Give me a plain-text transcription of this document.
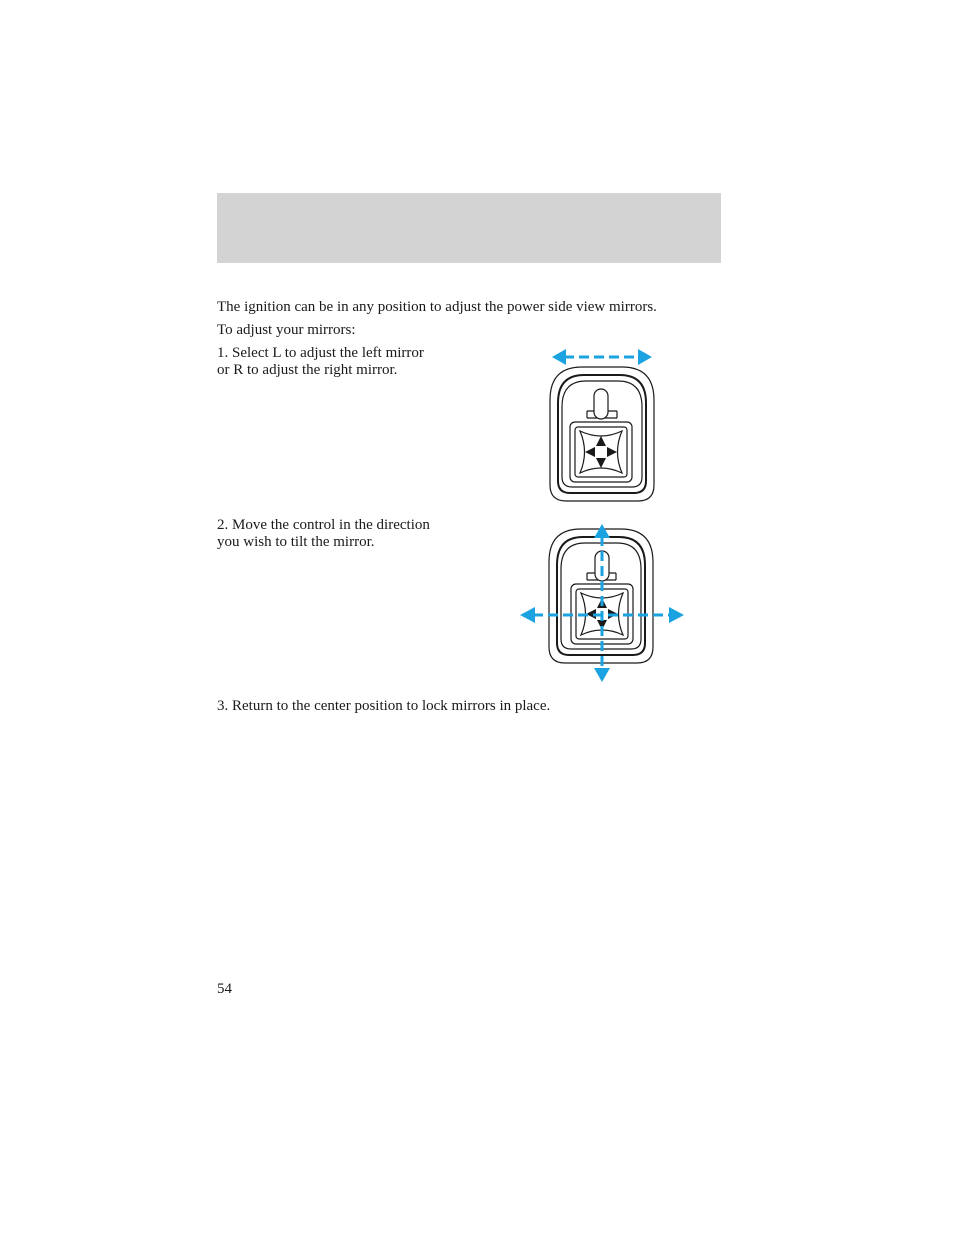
The ignition can be in any position to adjust the power side view mirrors.
To adjust your mirrors:
1. Select L to adjust the left mirror
or R to adjust the right mirror.
2. Move the control in the direction
you wish to tilt the mirror.
3. Return to the center position to lock mirrors in place.
54
